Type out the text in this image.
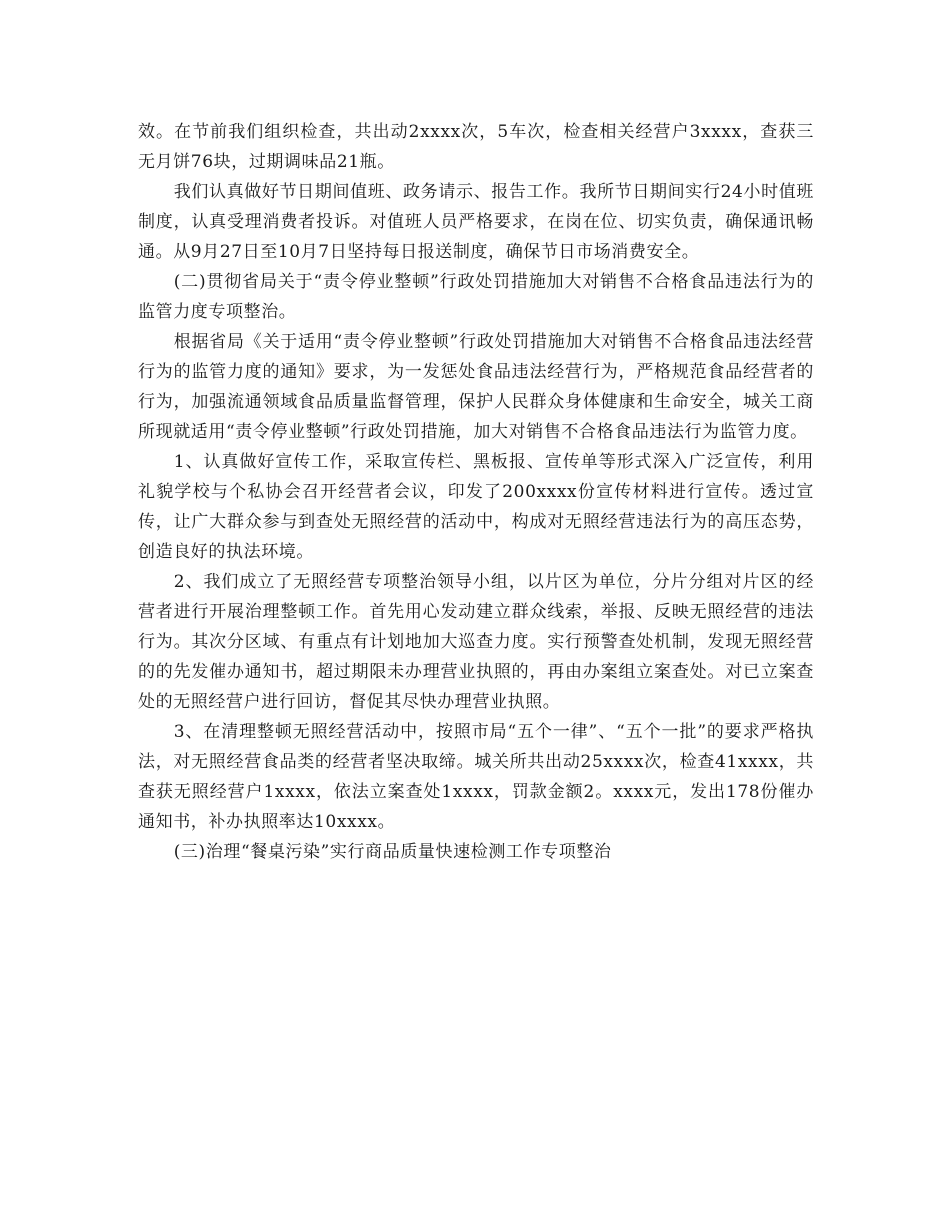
效。在节前我们组织检查，共出动2xxxx次，5车次，检查相关经营户3xxxx，查获三无月饼76块，过期调味品21瓶。

我们认真做好节日期间值班、政务请示、报告工作。我所节日期间实行24小时值班制度，认真受理消费者投诉。对值班人员严格要求，在岗在位、切实负责，确保通讯畅通。从9月27日至10月7日坚持每日报送制度，确保节日市场消费安全。

(二)贯彻省局关于“责令停业整顿”行政处罚措施加大对销售不合格食品违法行为的监管力度专项整治。

根据省局《关于适用“责令停业整顿”行政处罚措施加大对销售不合格食品违法经营行为的监管力度的通知》要求，为一发惩处食品违法经营行为，严格规范食品经营者的行为，加强流通领域食品质量监督管理，保护人民群众身体健康和生命安全，城关工商所现就适用“责令停业整顿”行政处罚措施，加大对销售不合格食品违法行为监管力度。

1、认真做好宣传工作，采取宣传栏、黑板报、宣传单等形式深入广泛宣传，利用礼貌学校与个私协会召开经营者会议，印发了200xxxx份宣传材料进行宣传。透过宣传，让广大群众参与到查处无照经营的活动中，构成对无照经营违法行为的高压态势，创造良好的执法环境。

2、我们成立了无照经营专项整治领导小组，以片区为单位，分片分组对片区的经营者进行开展治理整顿工作。首先用心发动建立群众线索，举报、反映无照经营的违法行为。其次分区域、有重点有计划地加大巡查力度。实行预警查处机制，发现无照经营的的先发催办通知书，超过期限未办理营业执照的，再由办案组立案查处。对已立案查处的无照经营户进行回访，督促其尽快办理营业执照。

3、在清理整顿无照经营活动中，按照市局“五个一律”、“五个一批”的要求严格执法，对无照经营食品类的经营者坚决取缔。城关所共出动25xxxx次，检查41xxxx，共查获无照经营户1xxxx，依法立案查处1xxxx，罚款金额2。xxxx元，发出178份催办通知书，补办执照率达10xxxx。

(三)治理“餐桌污染”实行商品质量快速检测工作专项整治
